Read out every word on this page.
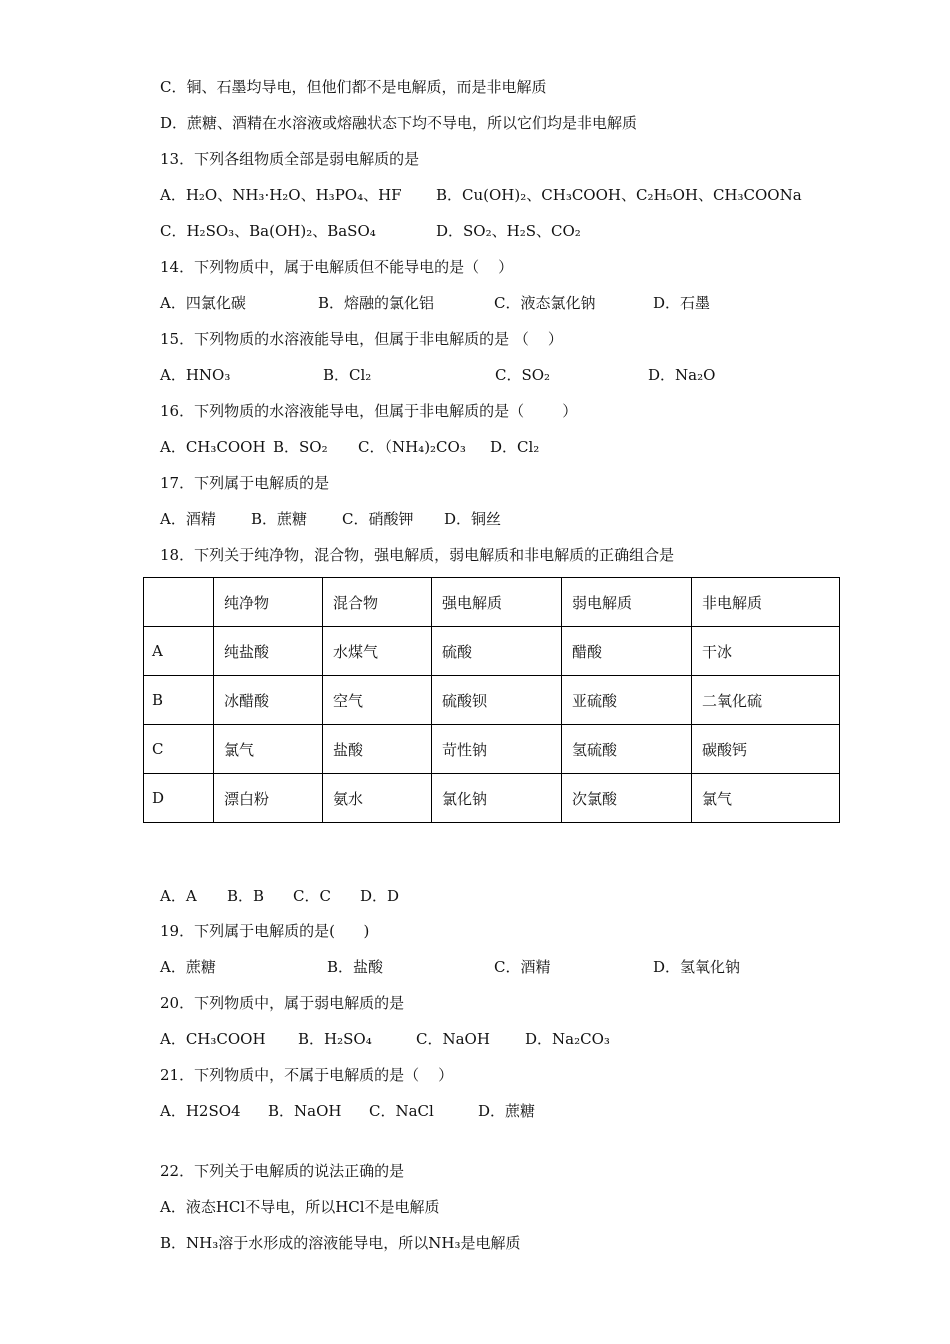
C．铜、石墨均导电，但他们都不是电解质，而是非电解质
D．蔗糖、酒精在水溶液或熔融状态下均不导电，所以它们均是非电解质
13．下列各组物质全部是弱电解质的是
A．H₂O、NH₃·H₂O、H₃PO₄、HF B．Cu(OH)₂、CH₃COOH、C₂H₅OH、CH₃COONa
C．H₂SO₃、Ba(OH)₂、BaSO₄	D．SO₂、H₂S、CO₂
14．下列物质中，属于电解质但不能导电的是（    ）
A．四氯化碳	B．熔融的氯化铝	C．液态氯化钠	D．石墨
15．下列物质的水溶液能导电，但属于非电解质的是 （    ）
A．HNO₃	B．Cl₂	C．SO₂	D．Na₂O
16．下列物质的水溶液能导电，但属于非电解质的是（        ）
A．CH₃COOH B．SO₂ C．（NH₄)₂CO₃ D．Cl₂
17．下列属于电解质的是
A．酒精 B．蔗糖 C．硝酸钾 D．铜丝
18．下列关于纯净物，混合物，强电解质，弱电解质和非电解质的正确组合是
	纯净物	混合物	强电解质	弱电解质	非电解质
A	纯盐酸	水煤气	硫酸	醋酸	干冰
B	冰醋酸	空气	硫酸钡	亚硫酸	二氧化硫
C	氯气	盐酸	苛性钠	氢硫酸	碳酸钙
D	漂白粉	氨水	氯化钠	次氯酸	氯气
A．A B．B C．C D．D
19．下列属于电解质的是(      )
A．蔗糖	B．盐酸	C．酒精	D．氢氧化钠
20．下列物质中，属于弱电解质的是
A．CH₃COOH B．H₂SO₄	C．NaOH D．Na₂CO₃
21．下列物质中，不属于电解质的是（    ）
A．H2SO4 B．NaOH C．NaCl	D．蔗糖
22．下列关于电解质的说法正确的是
A．液态HCl不导电，所以HCl不是电解质
B．NH₃溶于水形成的溶液能导电，所以NH₃是电解质
